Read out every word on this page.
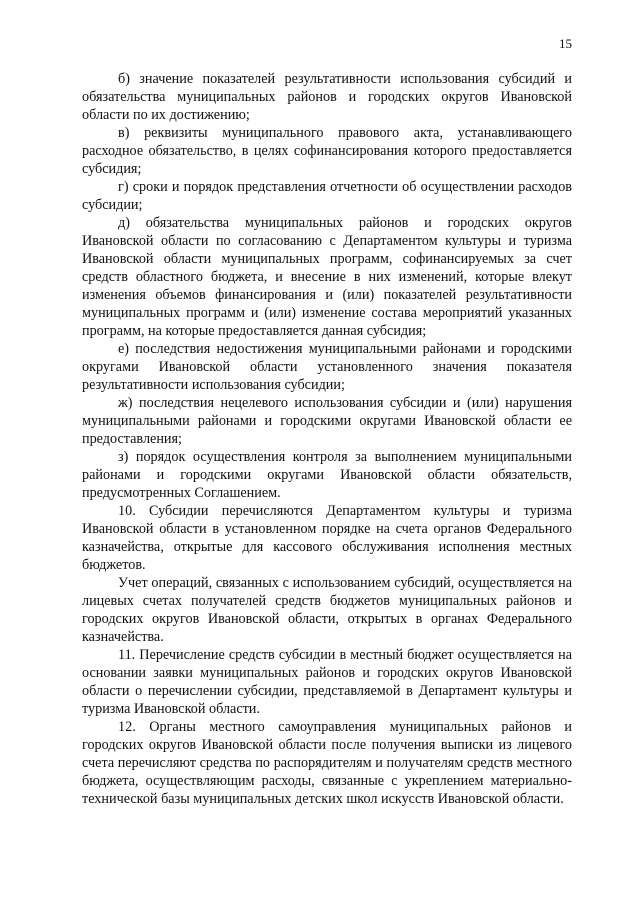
15

б) значение показателей результативности использования субсидий и обязательства муниципальных районов и городских округов Ивановской области по их достижению;

в) реквизиты муниципального правового акта, устанавливающего расходное обязательство, в целях софинансирования которого предоставляется субсидия;

г) сроки и порядок представления отчетности об осуществлении расходов субсидии;

д) обязательства муниципальных районов и городских округов Ивановской области по согласованию с Департаментом культуры и туризма Ивановской области муниципальных программ, софинансируемых за счет средств областного бюджета, и внесение в них изменений, которые влекут изменения объемов финансирования и (или) показателей результативности муниципальных программ и (или) изменение состава мероприятий указанных программ, на которые предоставляется данная субсидия;

е) последствия недостижения муниципальными районами и городскими округами Ивановской области установленного значения показателя результативности использования субсидии;

ж) последствия нецелевого использования субсидии и (или) нарушения муниципальными районами и городскими округами Ивановской области ее предоставления;

з) порядок осуществления контроля за выполнением муниципальными районами и городскими округами Ивановской области обязательств, предусмотренных Соглашением.

10. Субсидии перечисляются Департаментом культуры и туризма Ивановской области в установленном порядке на счета органов Федерального казначейства, открытые для кассового обслуживания исполнения местных бюджетов.

Учет операций, связанных с использованием субсидий, осуществляется на лицевых счетах получателей средств бюджетов муниципальных районов и городских округов Ивановской области, открытых в органах Федерального казначейства.

11. Перечисление средств субсидии в местный бюджет осуществляется на основании заявки муниципальных районов и городских округов Ивановской области о перечислении субсидии, представляемой в Департамент культуры и туризма Ивановской области.

12. Органы местного самоуправления муниципальных районов и городских округов Ивановской области после получения выписки из лицевого счета перечисляют средства по распорядителям и получателям средств местного бюджета, осуществляющим расходы, связанные с укреплением материально-технической базы муниципальных детских школ искусств Ивановской области.
